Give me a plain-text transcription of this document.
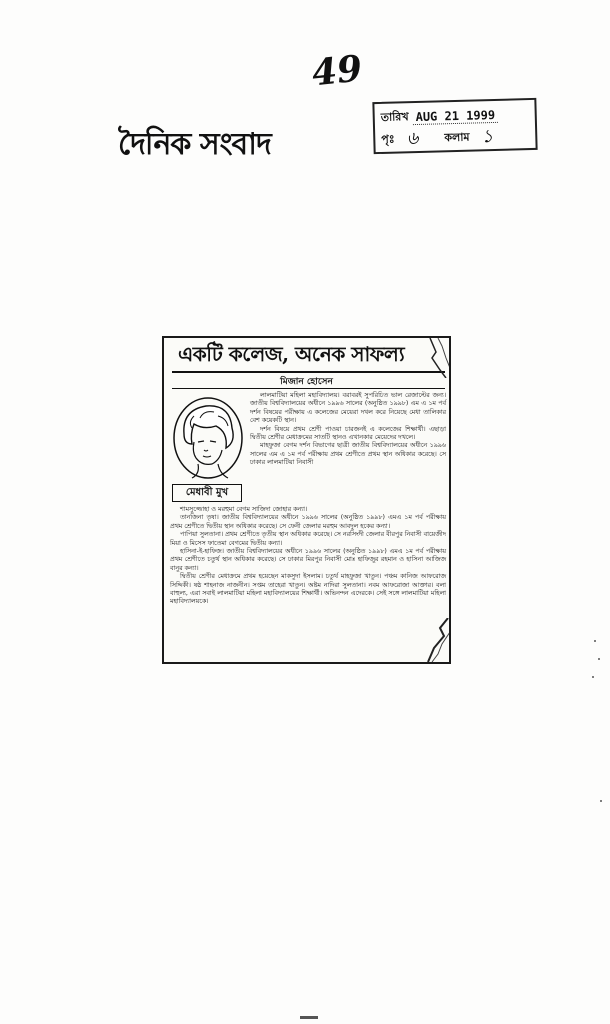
49
দৈনিক সংবাদ
তারিখ AUG 21 1999
পৃঃ ৬	কলাম ১
একটি কলেজ, অনেক সাফল্য
মিজান হোসেন
মেধাবী মুখ

লালমাটিয়া মহিলা মহাবিদ্যালয়। বরাবরই সুপরিচিত ভাল রেজাল্টের জন্য। জাতীয় বিশ্ববিদ্যালয়ের অধীনে ১৯৯৬ সালের (অনুষ্ঠিত ১৯৯৮) এম এ ১ম পর্ব দর্শন বিষয়ের পরীক্ষায় এ কলেজের মেয়েরা দখল করে নিয়েছে মেধা তালিকার বেশ কয়েকটি স্থান।

দর্শন বিষয়ে প্রথম শ্রেণী পাওয়া চারজনই এ কলেজের শিক্ষার্থী। এছাড়া দ্বিতীয় শ্রেণীর মেধাক্রমের সাতটি স্থানও এখানকার মেয়েদের দখলে।

মাহফুজা বেগম দর্শন বিভাগের ছাত্রী জাতীয় বিশ্ববিদ্যালয়ের অধীনে ১৯৯৬ সালের এম এ ১ম পর্ব পরীক্ষায় প্রথম শ্রেণীতে প্রথম স্থান অধিকার করেছে। সে ঢাকার লালমাটিয়া নিবাসী

শামসুজ্জোহা ও মরহুমা বেগম সাজিদা জোহার কন্যা।

তানজিনা তৃষা। জাতীয় বিশ্ববিদ্যালয়ের অধীনে ১৯৯৬ সালের (অনুষ্ঠিত ১৯৯৮) এমএ ১ম পর্ব পরীক্ষায় প্রথম শ্রেণীতে দ্বিতীয় স্থান অধিকার করেছে। সে ফেনী জেলার মরহুম আবদুল হকের কন্যা।

পাপিয়া সুলতানা। প্রথম শ্রেণীতে তৃতীয় স্থান অধিকার করেছে। সে নরসিংদী জেলার বীরপুর নিবাসী বায়েজীদ মিয়া ও মিসেস ফাতেমা বেগমের দ্বিতীয় কন্যা।

হাসিনা-ই-হাফিজ। জাতীয় বিশ্ববিদ্যালয়ের অধীনে ১৯৯৬ সালের (অনুষ্ঠিত ১৯৯৮) এমএ ১ম পর্ব পরীক্ষায় প্রথম শ্রেণীতে চতুর্থ স্থান অধিকার করেছে। সে ঢাকার মিরপুর নিবাসী মোঃ হাফিজুর রহমান ও হাসিনা আজিজ বানুর কন্যা।

দ্বিতীয় শ্রেণীর মেধাক্রমে প্রথম হয়েছেন মাকসুদা ইসলাম। চতুর্থ মাহফুজা খাতুন। পঞ্চম কানিজ আফরোজ সিদ্দিকী। ষষ্ঠ শাহনাজ নাজনীন। সপ্তম তাহেরা খাতুন। অষ্টম নাদিরা সুলতানা। নবম আফরোজা আক্তার। বলা বাহুল্য, এরা সবাই লালমাটিয়া মহিলা মহাবিদ্যালয়ের শিক্ষার্থী। অভিনন্দন এদেরকে। সেই সঙ্গে লালমাটিয়া মহিলা মহাবিদ্যালয়কে।
